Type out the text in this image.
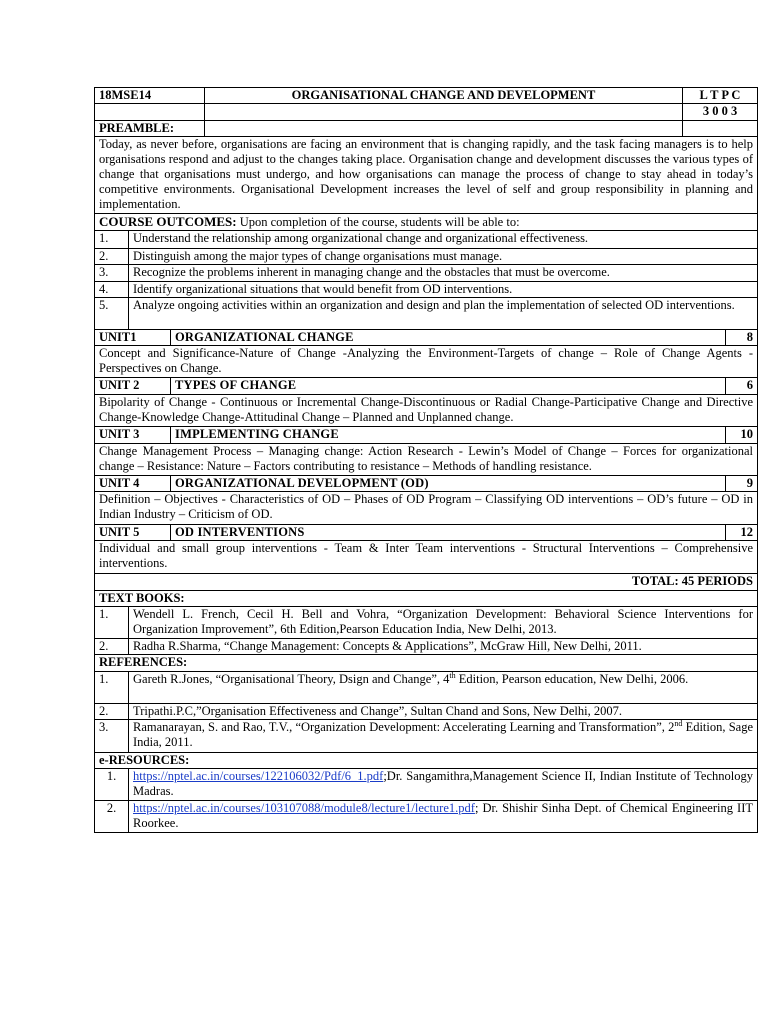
18MSE14	ORGANISATIONAL CHANGE AND DEVELOPMENT	L T P C
3 0 0 3
PREAMBLE:
Today, as never before, organisations are facing an environment that is changing rapidly, and the task facing managers is to help organisations respond and adjust to the changes taking place. Organisation change and development discusses the various types of change that organisations must undergo, and how organisations can manage the process of change to stay ahead in today’s competitive environments. Organisational Development increases the level of self and group responsibility in planning and implementation.
COURSE OUTCOMES: Upon completion of the course, students will be able to:
1.	Understand the relationship among organizational change and organizational effectiveness.
2.	Distinguish among the major types of change organisations must manage.
3.	Recognize the problems inherent in managing change and the obstacles that must be overcome.
4.	Identify organizational situations that would benefit from OD interventions.
5.	Analyze ongoing activities within an organization and design and plan the implementation of selected OD interventions.
UNIT1	ORGANIZATIONAL CHANGE	8
Concept and Significance-Nature of Change -Analyzing the Environment-Targets of change – Role of Change Agents - Perspectives on Change.
UNIT 2	TYPES OF CHANGE	6
Bipolarity of Change - Continuous or Incremental Change-Discontinuous or Radial Change-Participative Change and Directive Change-Knowledge Change-Attitudinal Change – Planned and Unplanned change.
UNIT 3	IMPLEMENTING CHANGE	10
Change Management Process – Managing change: Action Research - Lewin’s Model of Change – Forces for organizational change – Resistance: Nature – Factors contributing to resistance – Methods of handling resistance.
UNIT 4	ORGANIZATIONAL DEVELOPMENT (OD)	9
Definition – Objectives - Characteristics of OD – Phases of OD Program – Classifying OD interventions – OD’s future – OD in Indian Industry – Criticism of OD.
UNIT 5	OD INTERVENTIONS	12
Individual and small group interventions - Team & Inter Team interventions - Structural Interventions – Comprehensive interventions.
TOTAL: 45 PERIODS
TEXT BOOKS:
1.	Wendell L. French, Cecil H. Bell and Vohra, “Organization Development: Behavioral Science Interventions for Organization Improvement”, 6th Edition,Pearson Education India, New Delhi, 2013.
2.	Radha R.Sharma, “Change Management: Concepts & Applications”, McGraw Hill, New Delhi, 2011.
REFERENCES:
1.	Gareth R.Jones, “Organisational Theory, Dsign and Change”, 4th Edition, Pearson education, New Delhi, 2006.
2.	Tripathi.P.C,”Organisation Effectiveness and Change”, Sultan Chand and Sons, New Delhi, 2007.
3.	Ramanarayan, S. and Rao, T.V., “Organization Development: Accelerating Learning and Transformation”, 2nd Edition, Sage India, 2011.
e-RESOURCES:
1.	https://nptel.ac.in/courses/122106032/Pdf/6_1.pdf;Dr. Sangamithra,Management Science II, Indian Institute of Technology Madras.
2.	https://nptel.ac.in/courses/103107088/module8/lecture1/lecture1.pdf; Dr. Shishir Sinha Dept. of Chemical Engineering IIT Roorkee.
